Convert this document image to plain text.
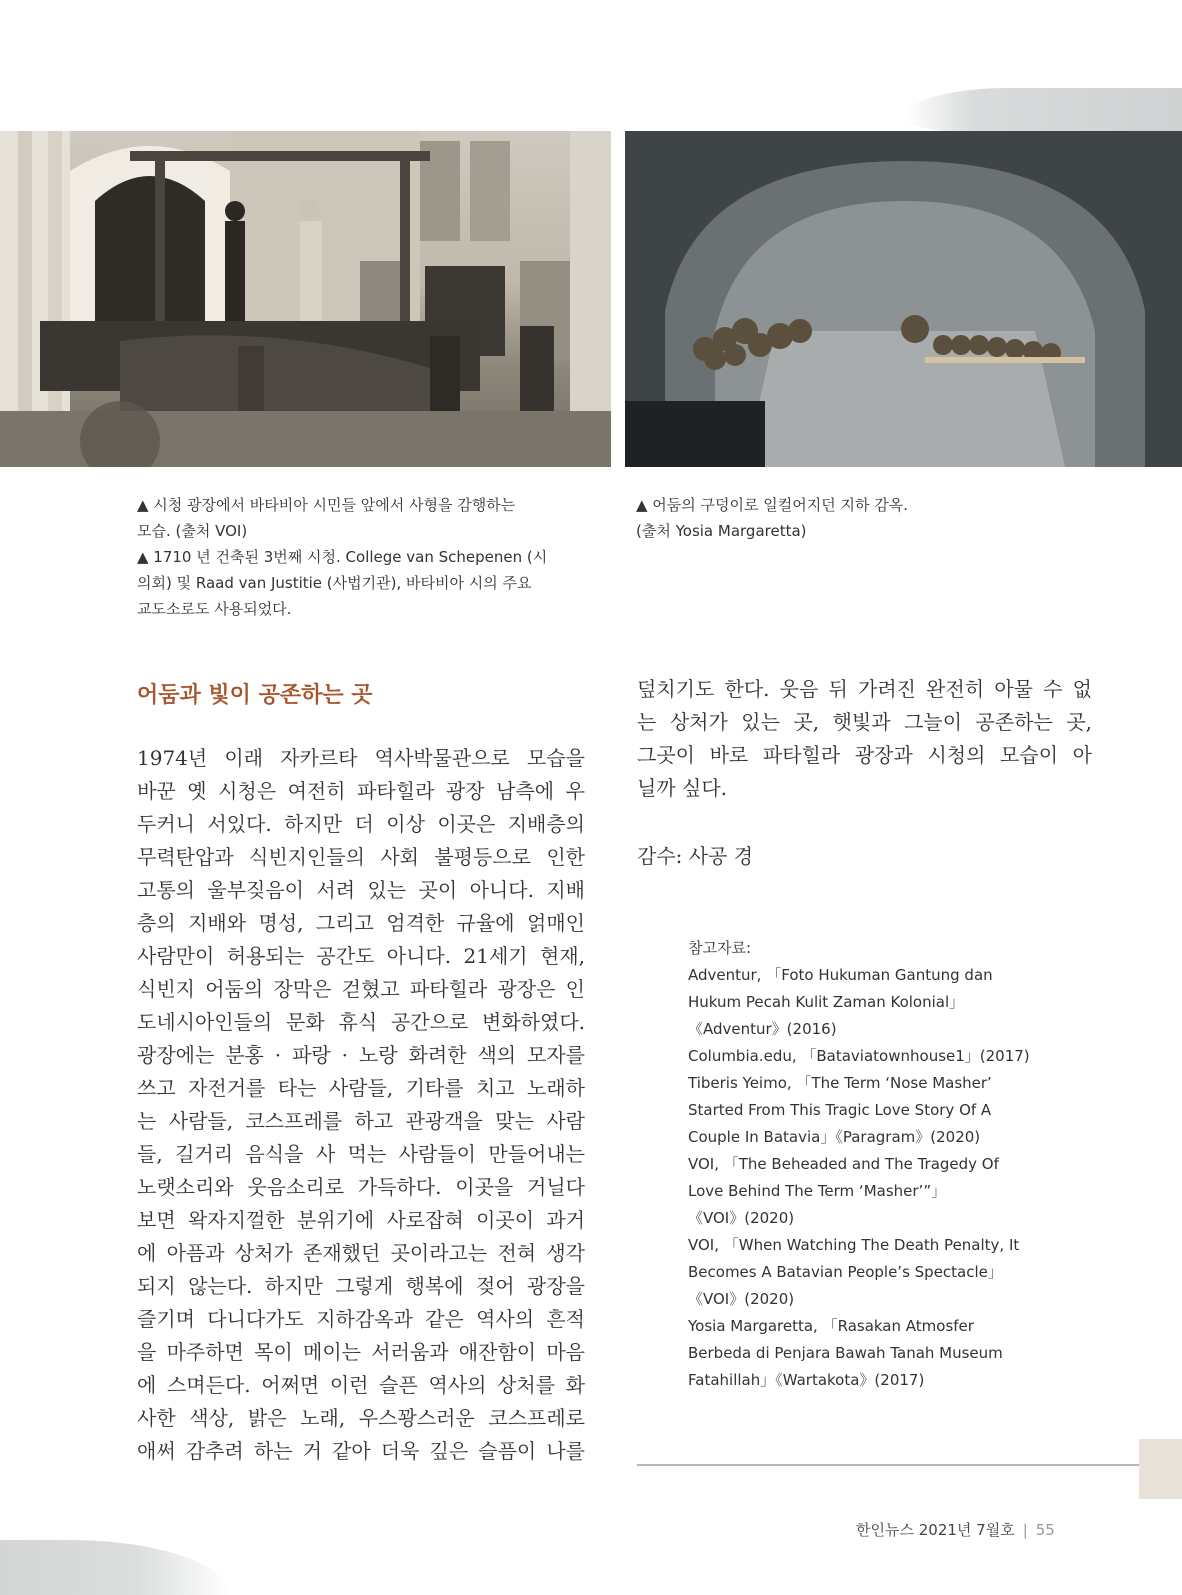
▲ 시청 광장에서 바타비아 시민들 앞에서 사형을 감행하는

모습. (출처 VOI)

▲ 1710 년 건축된 3번째 시청. College van Schepenen (시

의회) 및 Raad van Justitie (사법기관), 바타비아 시의 주요

교도소로도 사용되었다.

▲ 어둠의 구덩이로 일컬어지던 지하 감옥.

(출처 Yosia Margaretta)

어둠과 빛이 공존하는 곳
1974년 이래 자카르타 역사박물관으로 모습을
바꾼 옛 시청은 여전히 파타힐라 광장 남측에 우
두커니 서있다. 하지만 더 이상 이곳은 지배층의
무력탄압과 식빈지인들의 사회 불평등으로 인한
고통의 울부짖음이 서려 있는 곳이 아니다. 지배
층의 지배와 명성, 그리고 엄격한 규율에 얽매인
사람만이 허용되는 공간도 아니다. 21세기 현재,
식빈지 어둠의 장막은 걷혔고 파타힐라 광장은 인
도네시아인들의 문화 휴식 공간으로 변화하였다.
광장에는 분홍 · 파랑 · 노랑 화려한 색의 모자를
쓰고 자전거를 타는 사람들, 기타를 치고 노래하
는 사람들, 코스프레를 하고 관광객을 맞는 사람
들, 길거리 음식을 사 먹는 사람들이 만들어내는
노랫소리와 웃음소리로 가득하다. 이곳을 거닐다
보면 왁자지껄한 분위기에 사로잡혀 이곳이 과거
에 아픔과 상처가 존재했던 곳이라고는 전혀 생각
되지 않는다. 하지만 그렇게 행복에 젖어 광장을
즐기며 다니다가도 지하감옥과 같은 역사의 흔적
을 마주하면 목이 메이는 서러움과 애잔함이 마음
에 스며든다. 어쩌면 이런 슬픈 역사의 상처를 화
사한 색상, 밝은 노래, 우스꽝스러운 코스프레로
애써 감추려 하는 거 같아 더욱 깊은 슬픔이 나를
덮치기도 한다. 웃음 뒤 가려진 완전히 아물 수 없
는 상처가 있는 곳, 햇빛과 그늘이 공존하는 곳,
그곳이 바로 파타힐라 광장과 시청의 모습이 아
닐까 싶다.
감수: 사공 경
참고자료:
Adventur, 「Foto Hukuman Gantung dan
Hukum Pecah Kulit Zaman Kolonial」
《Adventur》(2016)
Columbia.edu, 「Bataviatownhouse1」(2017)
Tiberis Yeimo, 「The Term ‘Nose Masher’
Started From This Tragic Love Story Of A
Couple In Batavia」《Paragram》(2020)
VOI, 「The Beheaded and The Tragedy Of
Love Behind The Term ‘Masher’”」
《VOI》(2020)
VOI, 「When Watching The Death Penalty, It
Becomes A Batavian People’s Spectacle」
《VOI》(2020)
Yosia Margaretta, 「Rasakan Atmosfer
Berbeda di Penjara Bawah Tanah Museum
Fatahillah」《Wartakota》(2017)
한인뉴스 2021년 7월호 | 55
